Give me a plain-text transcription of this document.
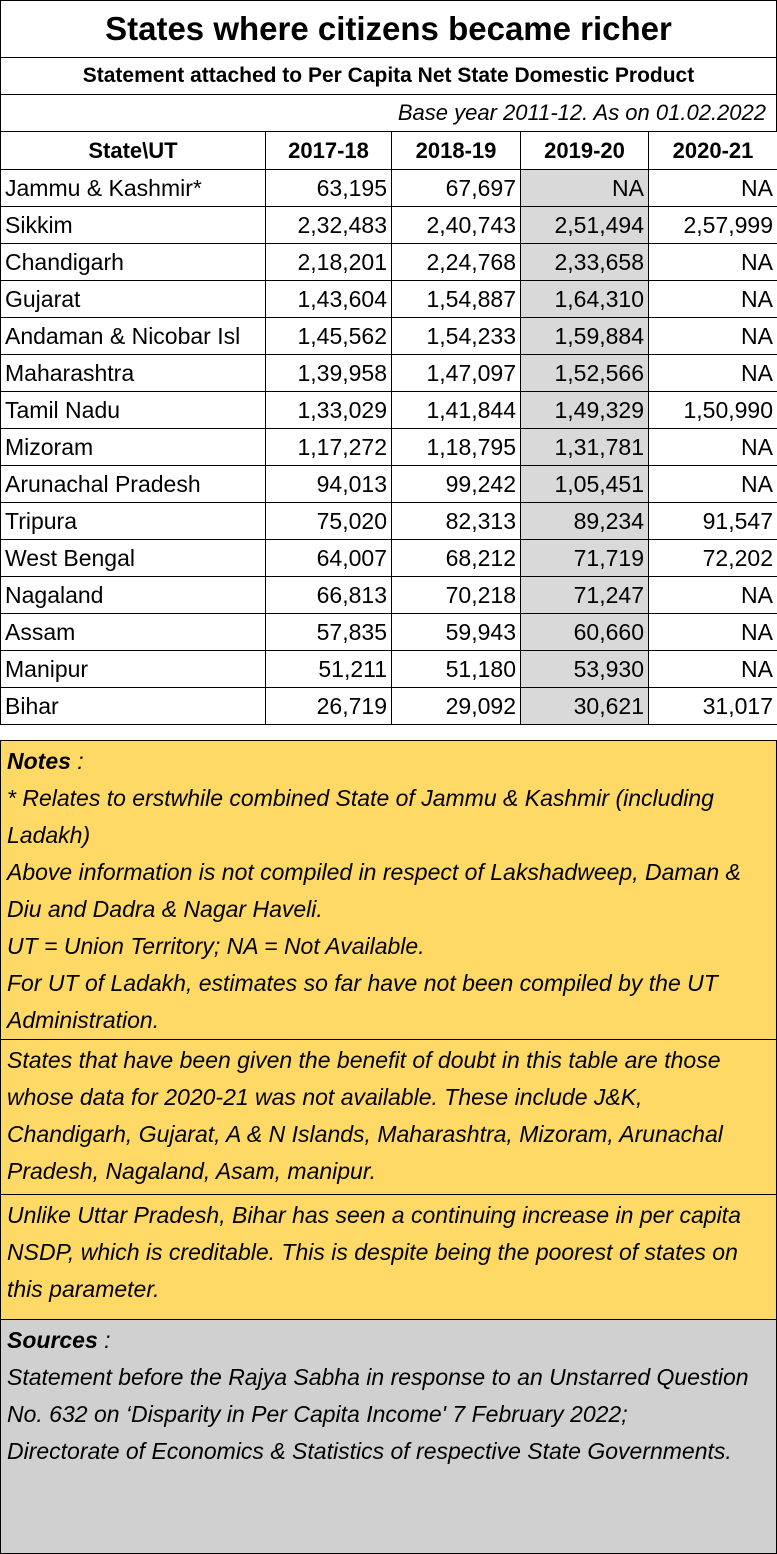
States where citizens became richer
Statement attached to Per Capita Net State Domestic Product
Base year 2011-12. As on 01.02.2022
State\UT	2017-18	2018-19	2019-20	2020-21
Jammu & Kashmir*	63,195	67,697	NA	NA
Sikkim	2,32,483	2,40,743	2,51,494	2,57,999
Chandigarh	2,18,201	2,24,768	2,33,658	NA
Gujarat	1,43,604	1,54,887	1,64,310	NA
Andaman & Nicobar Isl	1,45,562	1,54,233	1,59,884	NA
Maharashtra	1,39,958	1,47,097	1,52,566	NA
Tamil Nadu	1,33,029	1,41,844	1,49,329	1,50,990
Mizoram	1,17,272	1,18,795	1,31,781	NA
Arunachal Pradesh	94,013	99,242	1,05,451	NA
Tripura	75,020	82,313	89,234	91,547
West Bengal	64,007	68,212	71,719	72,202
Nagaland	66,813	70,218	71,247	NA
Assam	57,835	59,943	60,660	NA
Manipur	51,211	51,180	53,930	NA
Bihar	26,719	29,092	30,621	31,017

Notes :

* Relates to erstwhile combined State of Jammu & Kashmir (including Ladakh)

Above information is not compiled in respect of Lakshadweep, Daman & Diu and Dadra & Nagar Haveli.

UT = Union Territory; NA = Not Available.

For UT of Ladakh, estimates so far have not been compiled by the UT Administration.

States that have been given the benefit of doubt in this table are those whose data for 2020-21 was not available. These include J&K, Chandigarh, Gujarat, A & N Islands, Maharashtra, Mizoram, Arunachal Pradesh, Nagaland, Asam, manipur.

Unlike Uttar Pradesh, Bihar has seen a continuing increase in per capita NSDP, which is creditable. This is despite being the poorest of states on this parameter.

Sources :

Statement before the Rajya Sabha in response to an Unstarred Question No. 632 on ‘Disparity in Per Capita Income' 7 February 2022;

Directorate of Economics & Statistics of respective State Governments.
